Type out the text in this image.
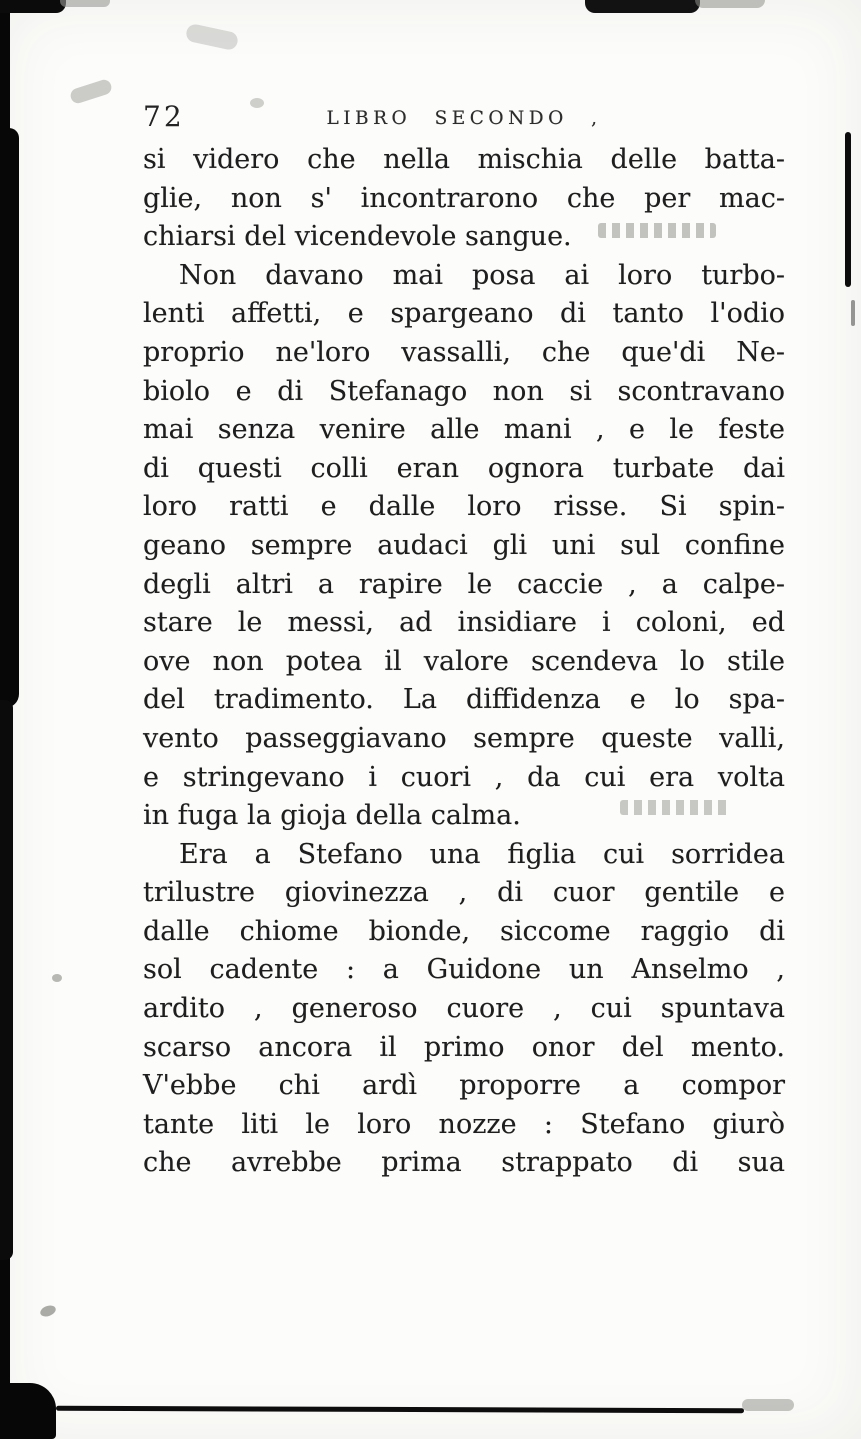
72	LIBRO SECONDO ,
si videro che nella mischia delle batta-
glie, non s' incontrarono che per mac-
chiarsi del vicendevole sangue.
Non davano mai posa ai loro turbo-
lenti affetti, e spargeano di tanto l'odio
proprio ne'loro vassalli, che que'di Ne-
biolo e di Stefanago non si scontravano
mai senza venire alle mani , e le feste
di questi colli eran ognora turbate dai
loro ratti e dalle loro risse. Si spin-
geano sempre audaci gli uni sul confine
degli altri a rapire le caccie , a calpe-
stare le messi, ad insidiare i coloni, ed
ove non potea il valore scendeva lo stile
del tradimento. La diffidenza e lo spa-
vento passeggiavano sempre queste valli,
e stringevano i cuori , da cui era volta
in fuga la gioja della calma.
Era a Stefano una figlia cui sorridea
trilustre giovinezza , di cuor gentile e
dalle chiome bionde, siccome raggio di
sol cadente : a Guidone un Anselmo ,
ardito , generoso cuore , cui spuntava
scarso ancora il primo onor del mento.
V'ebbe chi ardì proporre a compor
tante liti le loro nozze : Stefano giurò
che avrebbe prima strappato di sua
